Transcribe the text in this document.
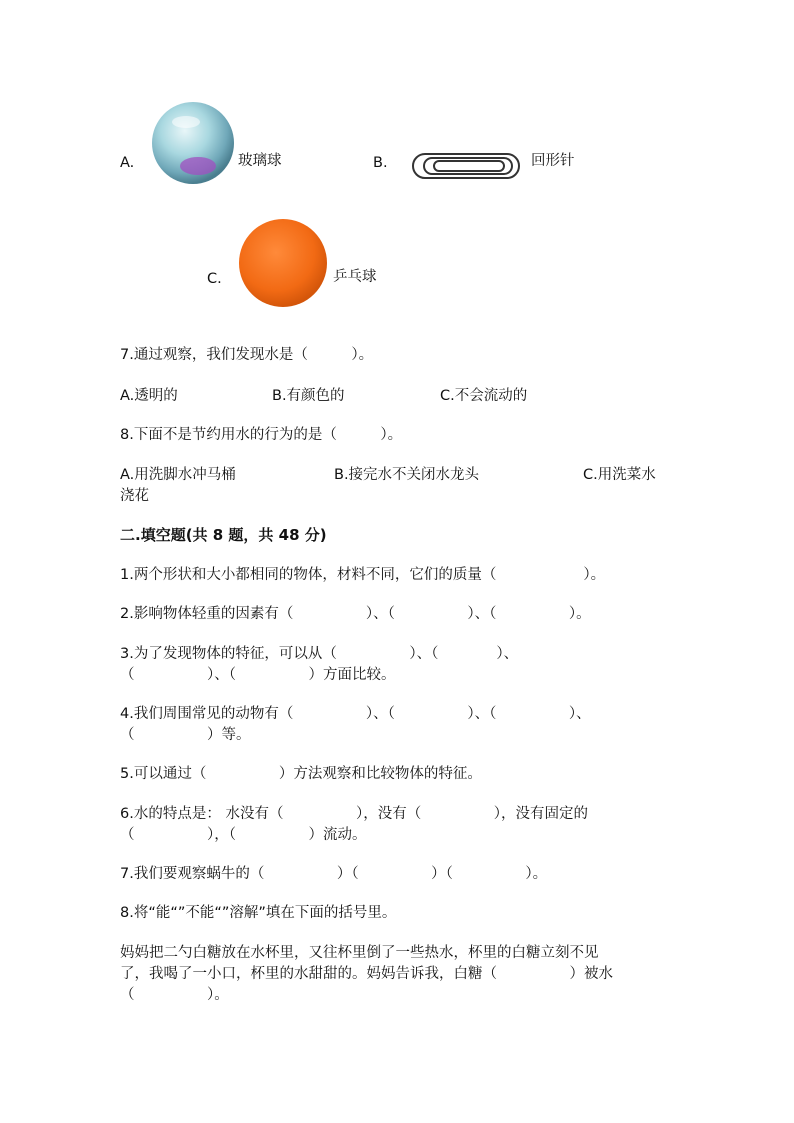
A.	玻璃球	B.	回形针
C.	乒乓球
7.通过观察，我们发现水是（　　　）。
A.透明的	B.有颜色的	C.不会流动的
8.下面不是节约用水的行为的是（　　　）。
A.用洗脚水冲马桶	B.接完水不关闭水龙头	C.用洗菜水
浇花
二.填空题(共 8 题，共 48 分)
1.两个形状和大小都相同的物体，材料不同，它们的质量（　　　　　　）。
2.影响物体轻重的因素有（　　　　　）、（　　　　　）、（　　　　　）。
3.为了发现物体的特征，可以从（　　　　　）、（　　　　）、
（　　　　　）、（　　　　　）方面比较。
4.我们周围常见的动物有（　　　　　）、（　　　　　）、（　　　　　）、
（　　　　　）等。
5.可以通过（　　　　　）方法观察和比较物体的特征。
6.水的特点是： 水没有（　　　　　），没有（　　　　　），没有固定的
（　　　　　），（　　　　　）流动。
7.我们要观察蜗牛的（　　　　　）（　　　　　）（　　　　　）。
8.将“能“”不能“”溶解”填在下面的括号里。
妈妈把二勺白糖放在水杯里，又往杯里倒了一些热水，杯里的白糖立刻不见
了，我喝了一小口，杯里的水甜甜的。妈妈告诉我，白糖（　　　　　）被水
（　　　　　）。
